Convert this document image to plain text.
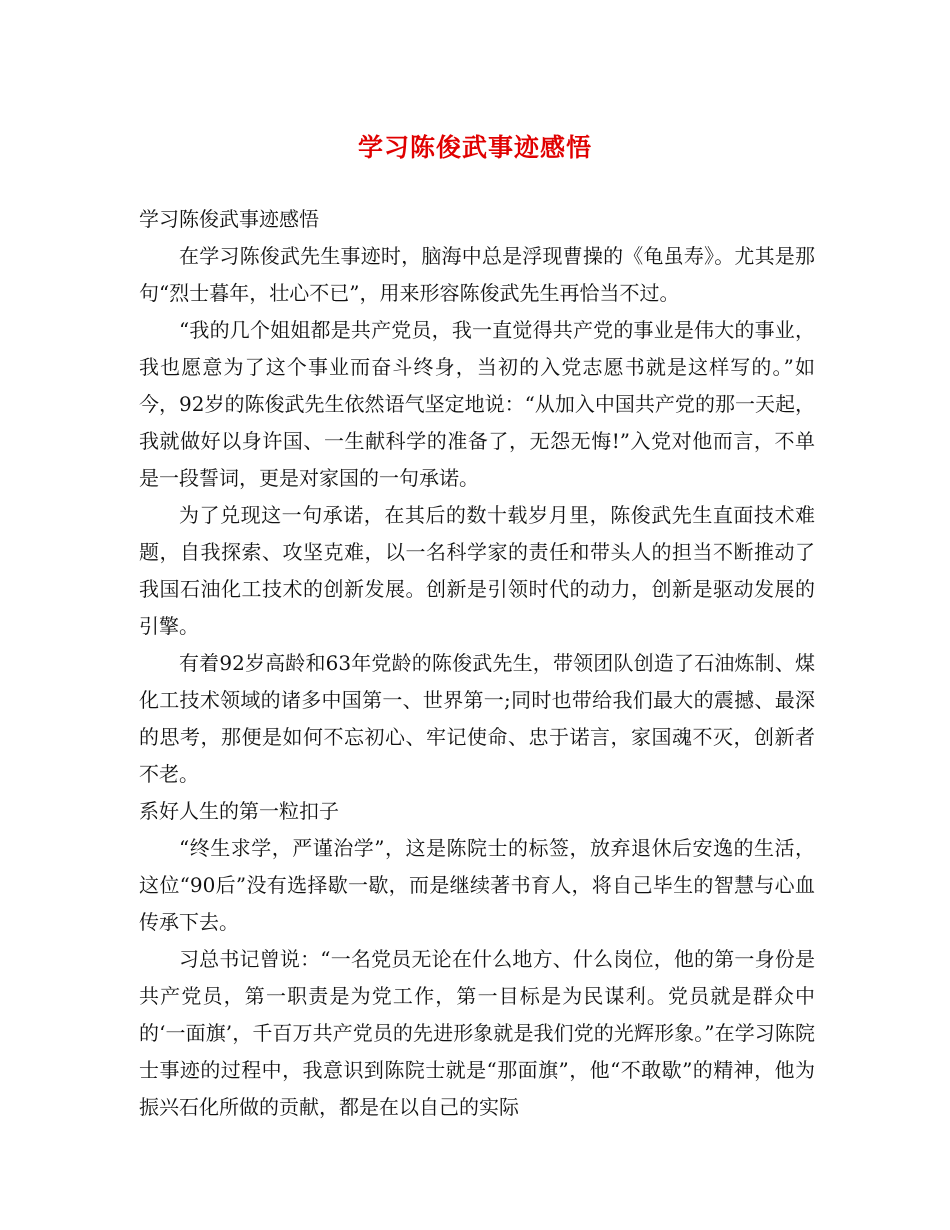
学习陈俊武事迹感悟

学习陈俊武事迹感悟

在学习陈俊武先生事迹时，脑海中总是浮现曹操的《龟虽寿》。尤其是那句“烈士暮年，壮心不已”，用来形容陈俊武先生再恰当不过。

“我的几个姐姐都是共产党员，我一直觉得共产党的事业是伟大的事业，我也愿意为了这个事业而奋斗终身，当初的入党志愿书就是这样写的。”如今，92岁的陈俊武先生依然语气坚定地说：“从加入中国共产党的那一天起，我就做好以身许国、一生献科学的准备了，无怨无悔!”入党对他而言，不单是一段誓词，更是对家国的一句承诺。

为了兑现这一句承诺，在其后的数十载岁月里，陈俊武先生直面技术难题，自我探索、攻坚克难，以一名科学家的责任和带头人的担当不断推动了我国石油化工技术的创新发展。创新是引领时代的动力，创新是驱动发展的引擎。

有着92岁高龄和63年党龄的陈俊武先生，带领团队创造了石油炼制、煤化工技术领域的诸多中国第一、世界第一;同时也带给我们最大的震撼、最深的思考，那便是如何不忘初心、牢记使命、忠于诺言，家国魂不灭，创新者不老。

系好人生的第一粒扣子

“终生求学，严谨治学”，这是陈院士的标签，放弃退休后安逸的生活，这位“90后”没有选择歇一歇，而是继续著书育人，将自己毕生的智慧与心血传承下去。

习总书记曾说：“一名党员无论在什么地方、什么岗位，他的第一身份是共产党员，第一职责是为党工作，第一目标是为民谋利。党员就是群众中的‘一面旗’，千百万共产党员的先进形象就是我们党的光辉形象。”在学习陈院士事迹的过程中，我意识到陈院士就是“那面旗”，他“不敢歇”的精神，他为振兴石化所做的贡献，都是在以自己的实际
